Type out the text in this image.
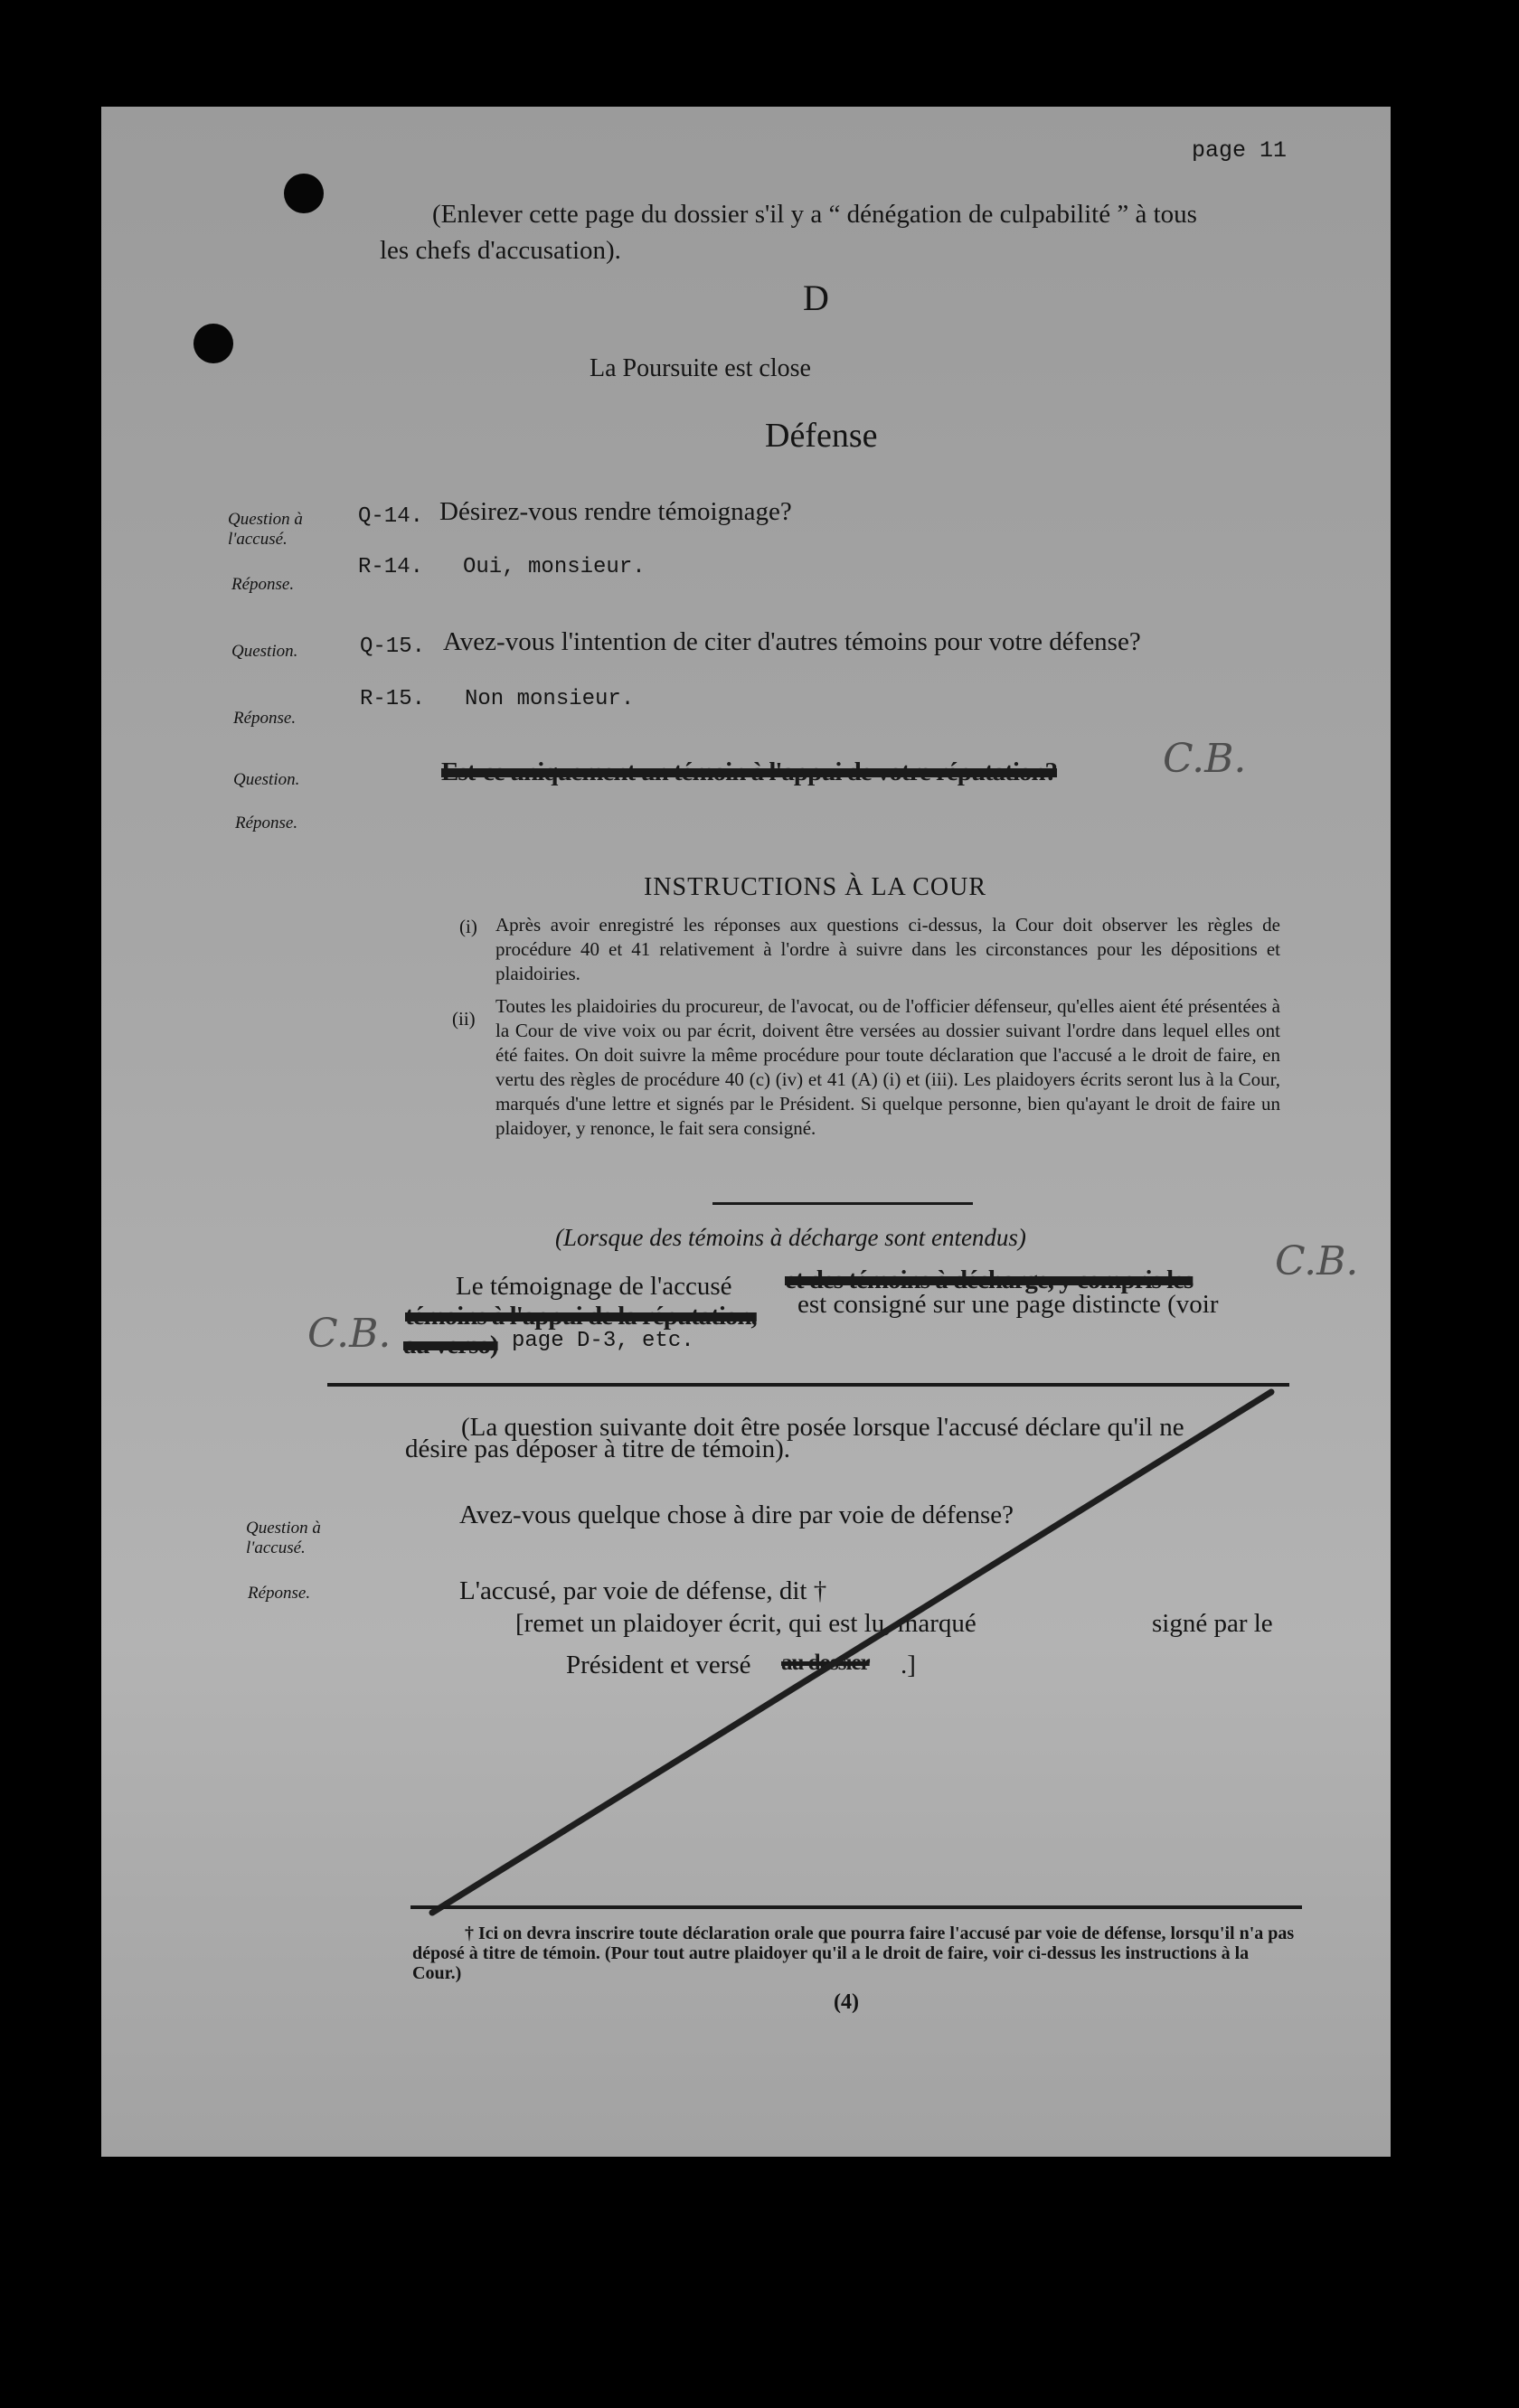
page 11
(Enlever cette page du dossier s'il y a “ dénégation de culpabilité ” à tous
les chefs d'accusation).
D
La Poursuite est close
Défense
Question à l'accusé.
Q-14. Désirez-vous rendre témoignage?
Réponse.
R-14. Oui, monsieur.
Question.	Q-15. Avez-vous l'intention de citer d'autres témoins pour votre défense?
Réponse.
R-15. Non monsieur.
Question.	Est-ce uniquement un témoin à l'appui de votre réputation?	C.B.
Réponse.
INSTRUCTIONS À LA COUR
(i) Après avoir enregistré les réponses aux questions ci-dessus, la Cour doit observer les règles de procédure 40 et 41 relativement à l'ordre à suivre dans les circonstances pour les dépositions et plaidoiries.
(ii)
Toutes les plaidoiries du procureur, de l'avocat, ou de l'officier défenseur, qu'elles aient été présentées à la Cour de vive voix ou par écrit, doivent être versées au dossier suivant l'ordre dans lequel elles ont été faites. On doit suivre la même procédure pour toute déclaration que l'accusé a le droit de faire, en vertu des règles de procédure 40 (c) (iv) et 41 (A) (i) et (iii). Les plaidoyers écrits seront lus à la Cour, marqués d'une lettre et signés par le Président. Si quelque personne, bien qu'ayant le droit de faire un plaidoyer, y renonce, le fait sera consigné.
(Lorsque des témoins à décharge sont entendus)
Le témoignage de l'accusé et des témoins à décharge, y compris les C.B.
témoins à l'appui de la réputation, est consigné sur une page distincte (voir
C.B. au verso) page D-3, etc.
(La question suivante doit être posée lorsque l'accusé déclare qu'il ne
désire pas déposer à titre de témoin).
Question à l'accusé.
Avez-vous quelque chose à dire par voie de défense?
Réponse.	L'accusé, par voie de défense, dit †
[remet un plaidoyer écrit, qui est lu, marqué	signé par le
Président et versé au dossier .]
† Ici on devra inscrire toute déclaration orale que pourra faire l'accusé par voie de défense, lorsqu'il n'a pas déposé à titre de témoin. (Pour tout autre plaidoyer qu'il a le droit de faire, voir ci-dessus les instructions à la Cour.)
(4)
